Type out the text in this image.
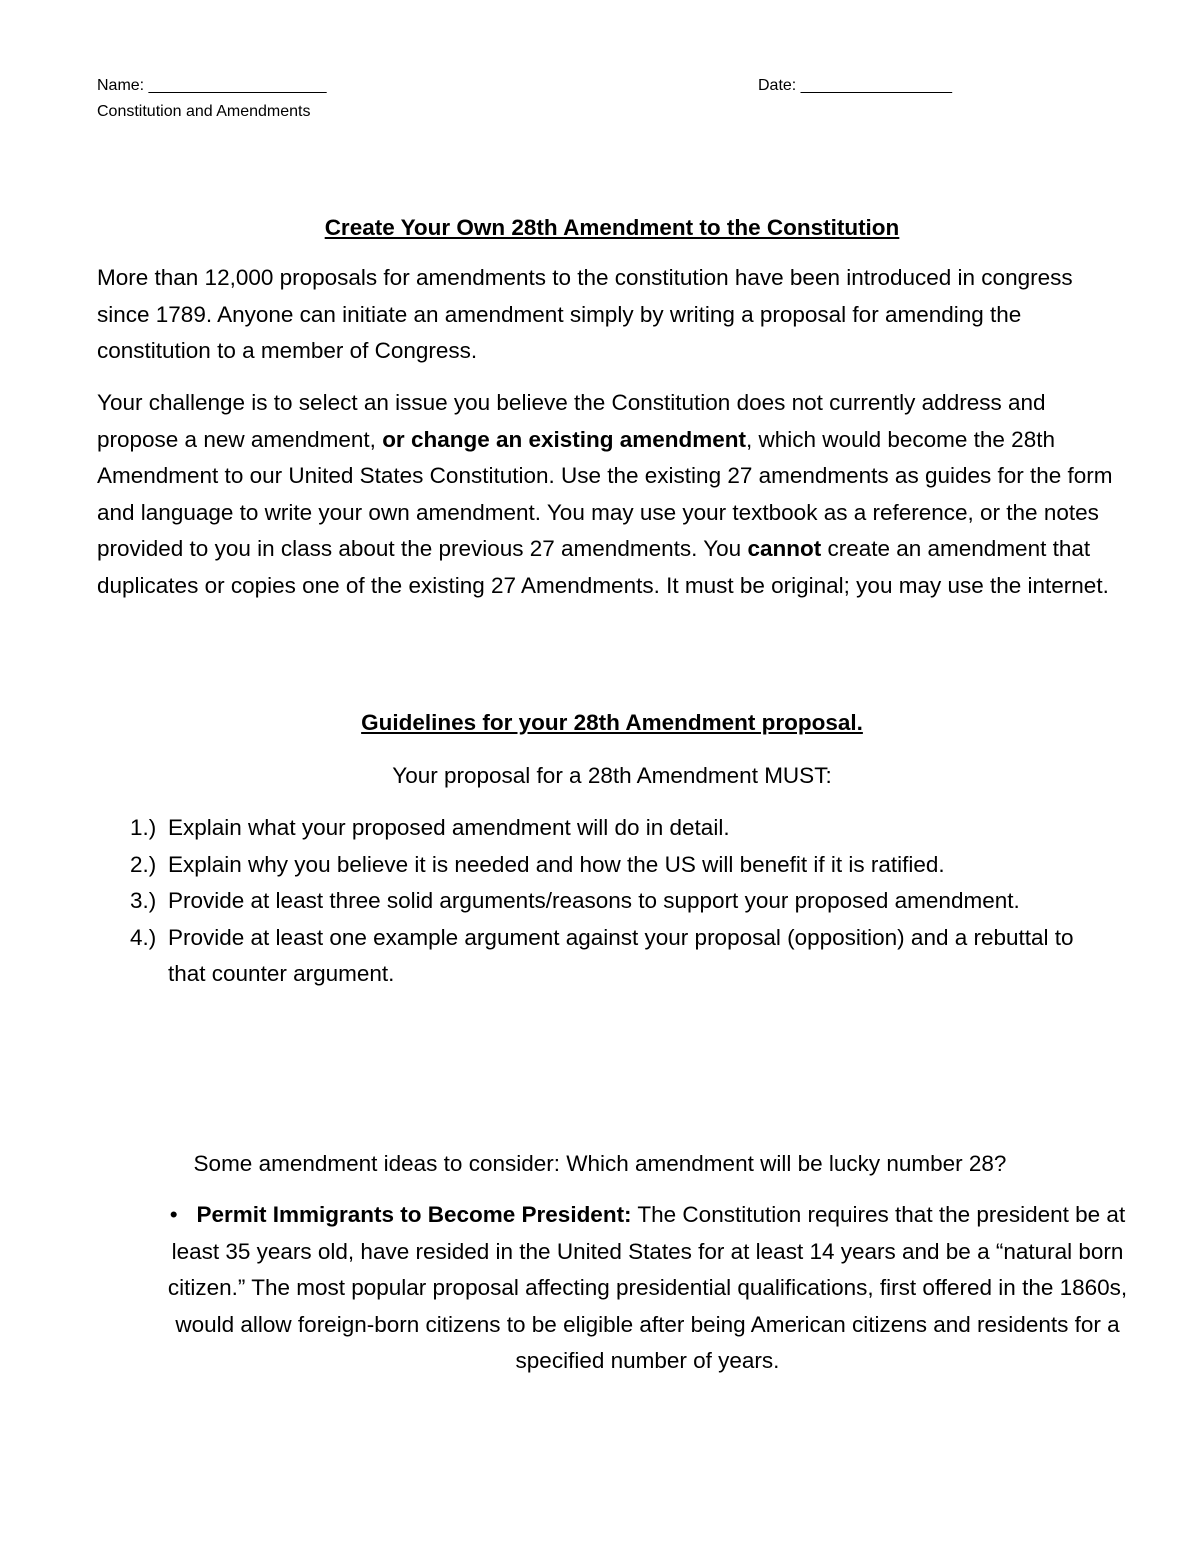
Name: ____________________	Date: _________________
Constitution and Amendments
Create Your Own 28th Amendment to the Constitution
More than 12,000 proposals for amendments to the constitution have been introduced in congress since 1789. Anyone can initiate an amendment simply by writing a proposal for amending the constitution to a member of Congress.
Your challenge is to select an issue you believe the Constitution does not currently address and propose a new amendment, or change an existing amendment, which would become the 28th Amendment to our United States Constitution. Use the existing 27 amendments as guides for the form and language to write your own amendment. You may use your textbook as a reference, or the notes provided to you in class about the previous 27 amendments. You cannot create an amendment that duplicates or copies one of the existing 27 Amendments. It must be original; you may use the internet.
Guidelines for your 28th Amendment proposal.
Your proposal for a 28th Amendment MUST:
1.) Explain what your proposed amendment will do in detail.
2.) Explain why you believe it is needed and how the US will benefit if it is ratified.
3.) Provide at least three solid arguments/reasons to support your proposed amendment.
4.) Provide at least one example argument against your proposal (opposition) and a rebuttal to that counter argument.
Some amendment ideas to consider: Which amendment will be lucky number 28?
•   Permit Immigrants to Become President: The Constitution requires that the president be at least 35 years old, have resided in the United States for at least 14 years and be a “natural born citizen.” The most popular proposal affecting presidential qualifications, first offered in the 1860s, would allow foreign-born citizens to be eligible after being American citizens and residents for a specified number of years.
